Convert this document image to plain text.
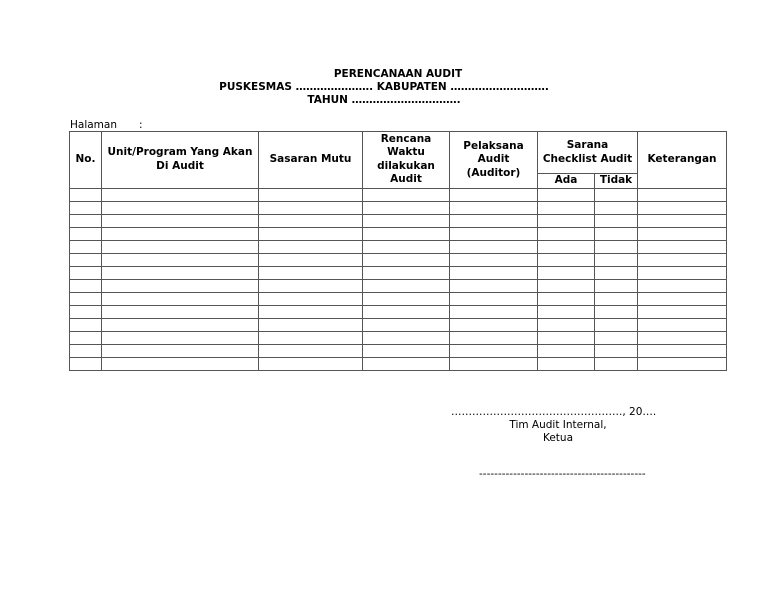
PERENCANAAN AUDIT
PUSKESMAS …………………. KABUPATEN ……………………….
TAHUN ………………………….
Halaman :
No.	Unit/Program Yang Akan Di Audit	Sasaran Mutu	Rencana Waktu dilakukan Audit	Pelaksana Audit (Auditor)	Sarana Checklist Audit		Keterangan
					Ada	Tidak	

…………………………………………., 20….
Tim Audit Internal,
Ketua
--------------------------------------------
